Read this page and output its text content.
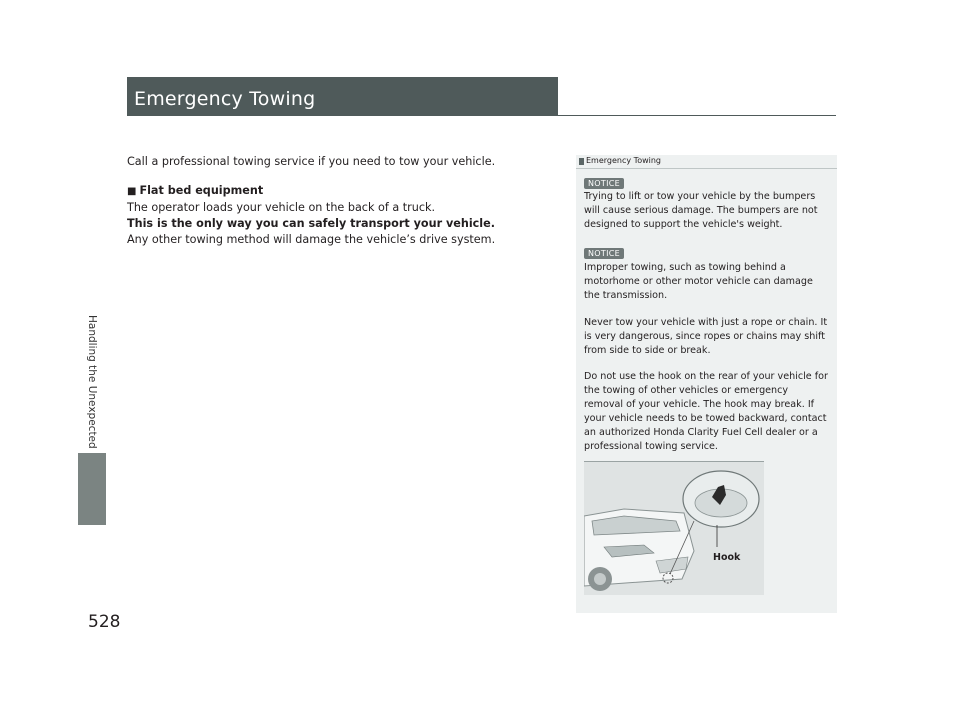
Handling the Unexpected
528
Emergency Towing

Call a professional towing service if you need to tow your vehicle.

■ Flat bed equipment

The operator loads your vehicle on the back of a truck.

This is the only way you can safely transport your vehicle.

Any other towing method will damage the vehicle’s drive system.

Emergency Towing
NOTICE

Trying to lift or tow your vehicle by the bumpers will cause serious damage. The bumpers are not designed to support the vehicle's weight.

NOTICE

Improper towing, such as towing behind a motorhome or other motor vehicle can damage the transmission.

Never tow your vehicle with just a rope or chain. It is very dangerous, since ropes or chains may shift from side to side or break.

Do not use the hook on the rear of your vehicle for the towing of other vehicles or emergency removal of your vehicle. The hook may break. If your vehicle needs to be towed backward, contact an authorized Honda Clarity Fuel Cell dealer or a professional towing service.

Hook
